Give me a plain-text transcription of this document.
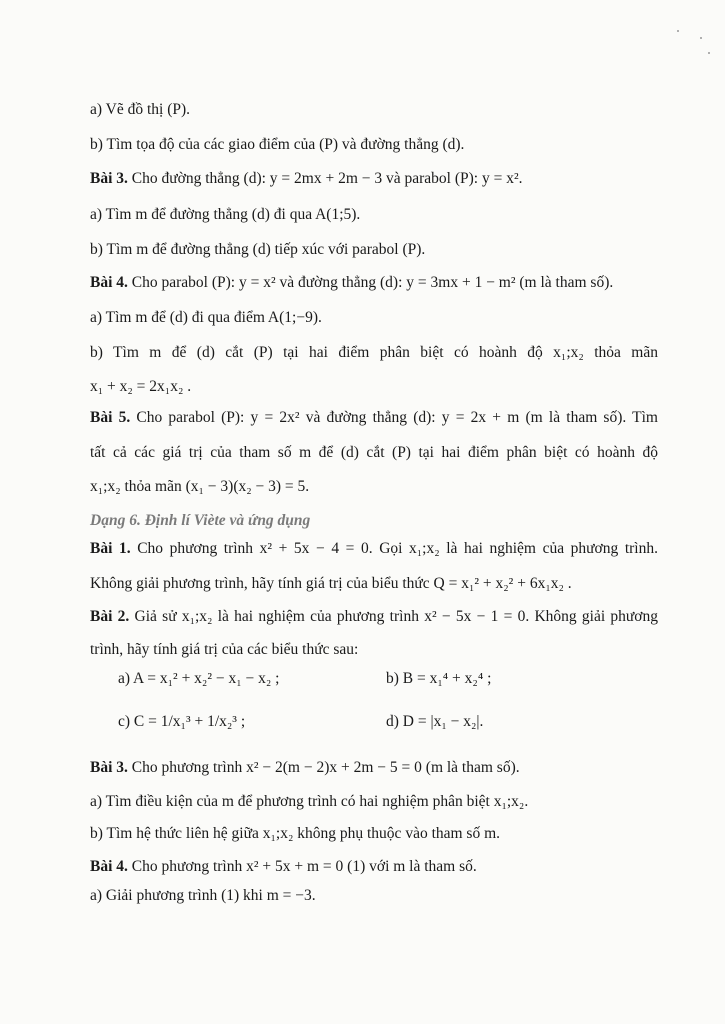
a) Vẽ đồ thị (P).
b) Tìm tọa độ của các giao điểm của (P) và đường thẳng (d).
Bài 3. Cho đường thẳng (d): y = 2mx + 2m − 3 và parabol (P): y = x².
a) Tìm m để đường thẳng (d) đi qua A(1;5).
b) Tìm m để đường thẳng (d) tiếp xúc với parabol (P).
Bài 4. Cho parabol (P): y = x² và đường thẳng (d): y = 3mx + 1 − m² (m là tham số).
a) Tìm m để (d) đi qua điểm A(1;−9).
b) Tìm m để (d) cắt (P) tại hai điểm phân biệt có hoành độ x₁;x₂ thỏa mãn
x₁ + x₂ = 2x₁x₂ .
Bài 5. Cho parabol (P): y = 2x² và đường thẳng (d): y = 2x + m (m là tham số). Tìm
tất cả các giá trị của tham số m để (d) cắt (P) tại hai điểm phân biệt có hoành độ
x₁;x₂ thỏa mãn (x₁ − 3)(x₂ − 3) = 5.
Dạng 6. Định lí Viète và ứng dụng
Bài 1. Cho phương trình x² + 5x − 4 = 0. Gọi x₁;x₂ là hai nghiệm của phương trình.
Không giải phương trình, hãy tính giá trị của biểu thức Q = x₁² + x₂² + 6x₁x₂ .
Bài 2. Giả sử x₁;x₂ là hai nghiệm của phương trình x² − 5x − 1 = 0. Không giải phương
trình, hãy tính giá trị của các biểu thức sau:
a) A = x₁² + x₂² − x₁ − x₂ ;	b) B = x₁⁴ + x₂⁴ ;
c) C = 1/x₁³ + 1/x₂³ ;	d) D = |x₁ − x₂|.
Bài 3. Cho phương trình x² − 2(m − 2)x + 2m − 5 = 0 (m là tham số).
a) Tìm điều kiện của m để phương trình có hai nghiệm phân biệt x₁;x₂.
b) Tìm hệ thức liên hệ giữa x₁;x₂ không phụ thuộc vào tham số m.
Bài 4. Cho phương trình x² + 5x + m = 0 (1) với m là tham số.
a) Giải phương trình (1) khi m = −3.
